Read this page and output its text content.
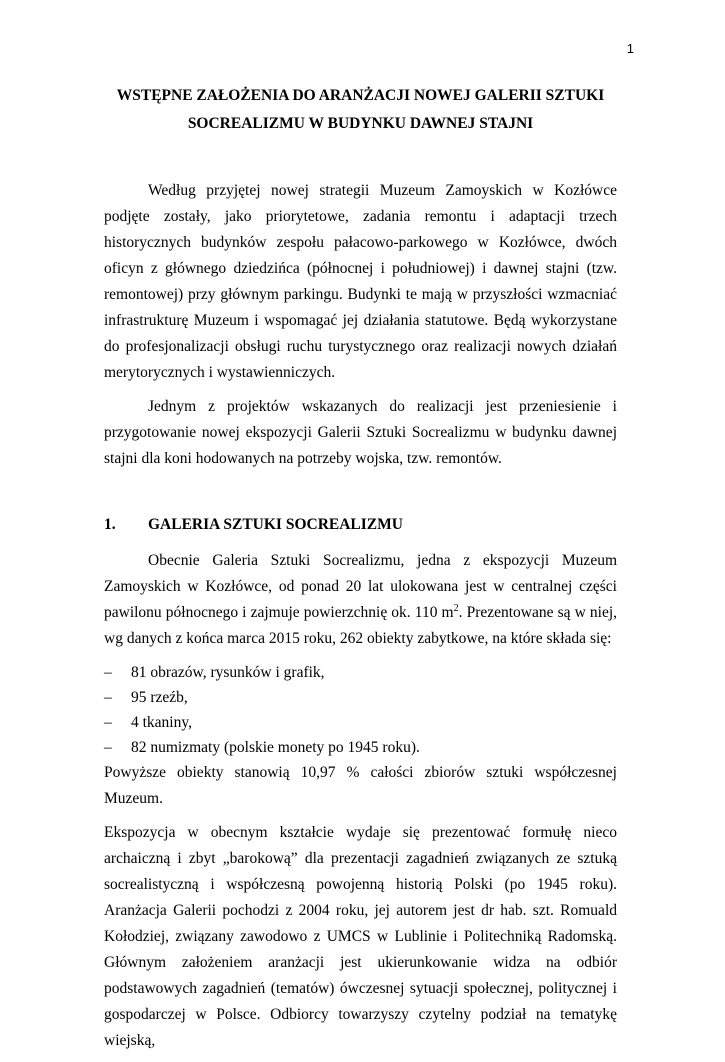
1
WSTĘPNE ZAŁOŻENIA DO ARANŻACJI NOWEJ GALERII SZTUKI
SOCREALIZMU W BUDYNKU DAWNEJ STAJNI

Według przyjętej nowej strategii Muzeum Zamoyskich w Kozłówce podjęte zostały, jako priorytetowe, zadania remontu i adaptacji trzech historycznych budynków zespołu pałacowo-parkowego w Kozłówce, dwóch oficyn z głównego dziedzińca (północnej i południowej) i dawnej stajni (tzw. remontowej) przy głównym parkingu. Budynki te mają w przyszłości wzmacniać infrastrukturę Muzeum i wspomagać jej działania statutowe. Będą wykorzystane do profesjonalizacji obsługi ruchu turystycznego oraz realizacji nowych działań merytorycznych i wystawienniczych.

Jednym z projektów wskazanych do realizacji jest przeniesienie i przygotowanie nowej ekspozycji Galerii Sztuki Socrealizmu w budynku dawnej stajni dla koni hodowanych na potrzeby wojska, tzw. remontów.

1.	GALERIA SZTUKI SOCREALIZMU

Obecnie Galeria Sztuki Socrealizmu, jedna z ekspozycji Muzeum Zamoyskich w Kozłówce, od ponad 20 lat ulokowana jest w centralnej części pawilonu północnego i zajmuje powierzchnię ok. 110 $m^2$. Prezentowane są w niej, wg danych z końca marca 2015 roku, 262 obiekty zabytkowe, na które składa się:

–	81 obrazów, rysunków i grafik,
–	95 rzeźb,
–	4 tkaniny,
–	82 numizmaty (polskie monety po 1945 roku).

Powyższe obiekty stanowią 10,97 % całości zbiorów sztuki współczesnej Muzeum.

Ekspozycja w obecnym kształcie wydaje się prezentować formułę nieco archaiczną i zbyt „barokową” dla prezentacji zagadnień związanych ze sztuką socrealistyczną i współczesną powojenną historią Polski (po 1945 roku). Aranżacja Galerii pochodzi z 2004 roku, jej autorem jest dr hab. szt. Romuald Kołodziej, związany zawodowo z UMCS w Lublinie i Politechniką Radomską. Głównym założeniem aranżacji jest ukierunkowanie widza na odbiór podstawowych zagadnień (tematów) ówczesnej sytuacji społecznej, politycznej i gospodarczej w Polsce. Odbiorcy towarzyszy czytelny podział na tematykę wiejską,
